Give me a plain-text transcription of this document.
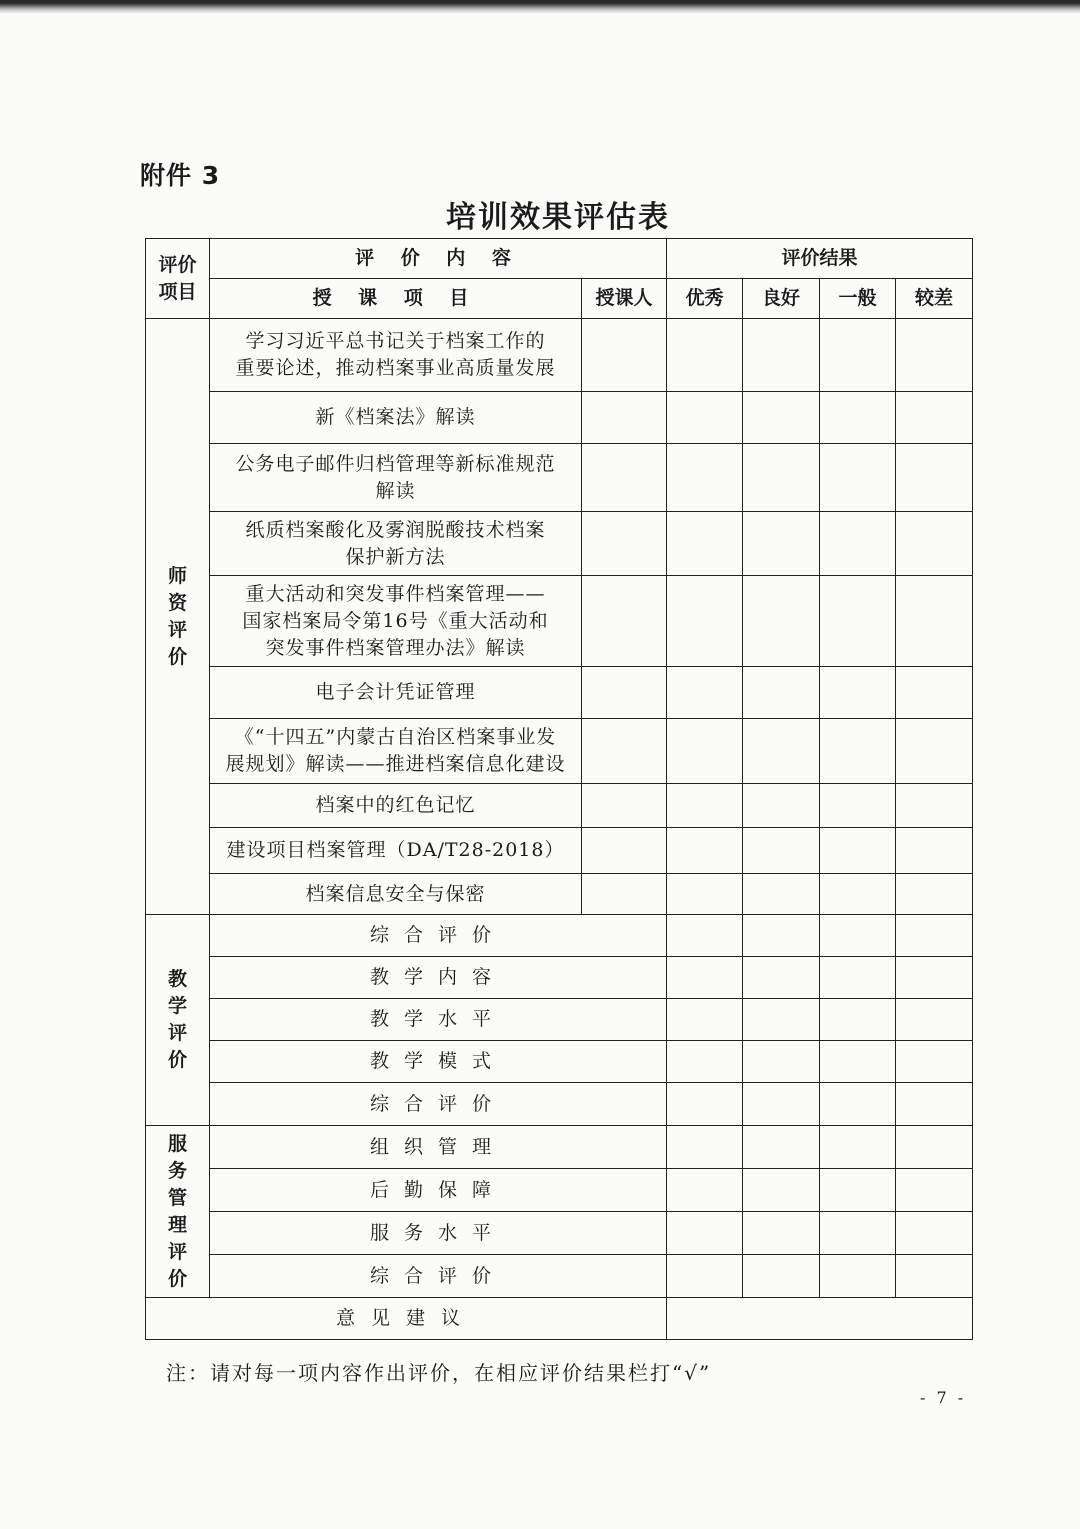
附件 3
培训效果评估表
评价项目	评 价 内 容		评价结果			
	授 课 项 目	授课人	优秀	良好	一般	较差
师资评价	学习习近平总书记关于档案工作的
重要论述，推动档案事业高质量发展					

	新《档案法》解读					

	公务电子邮件归档管理等新标准规范
解读					

	纸质档案酸化及雾润脱酸技术档案
保护新方法					

	重大活动和突发事件档案管理——
国家档案局令第16号《重大活动和
突发事件档案管理办法》解读					

	电子会计凭证管理					

	《“十四五”内蒙古自治区档案事业发
展规划》解读——推进档案信息化建设					

	档案中的红色记忆					

	建设项目档案管理（DA/T28-2018）					

	档案信息安全与保密					

教学评价	综合评价					
	教学内容					
	教学水平					
	教学模式					
	综合评价					
服务管理评价	组织管理					
	后勤保障					
	服务水平					
	综合评价					
意见建议						
注：请对每一项内容作出评价，在相应评价结果栏打“√”
- 7 -
